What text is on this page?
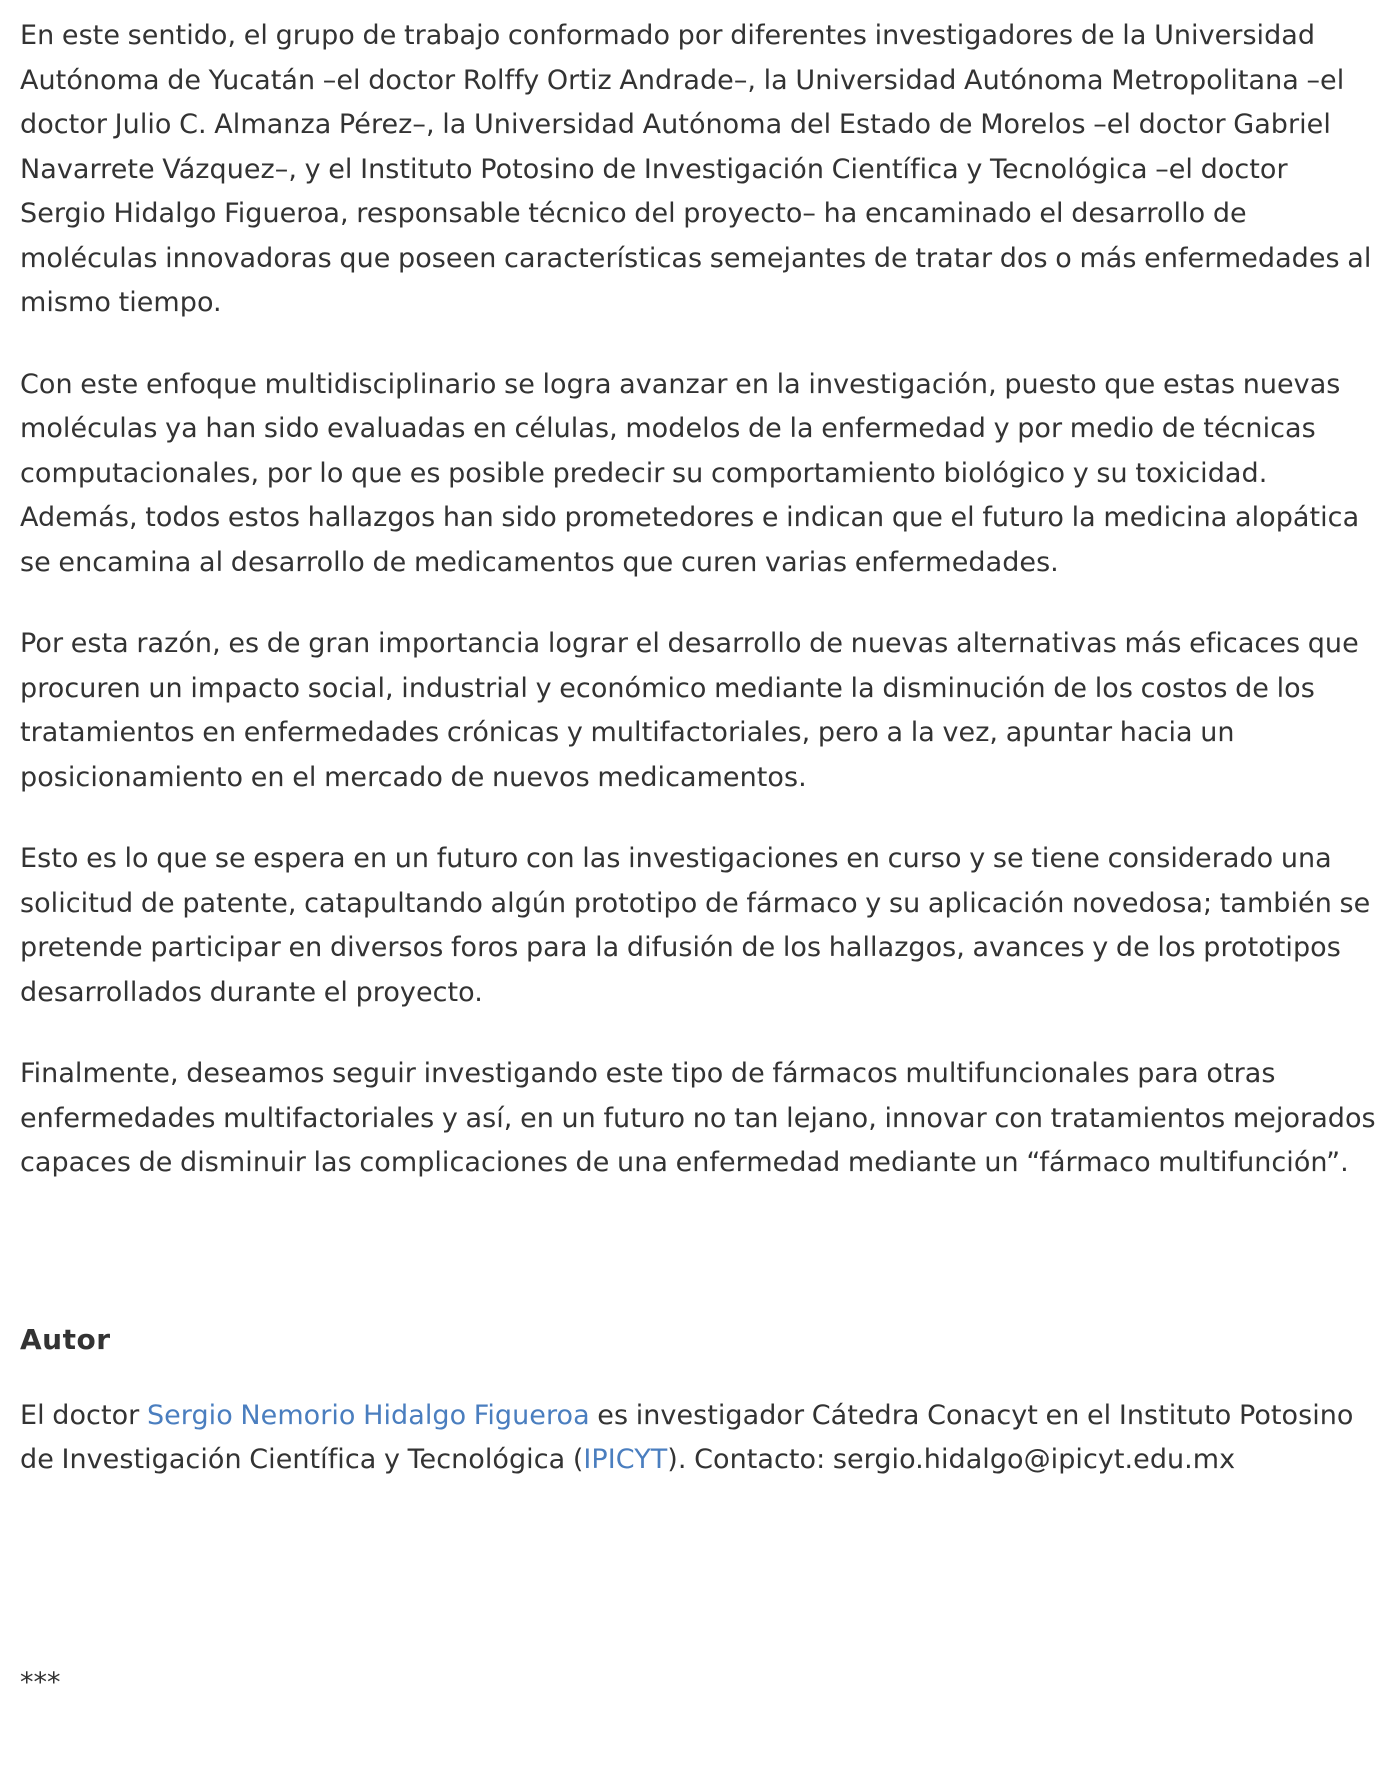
En este sentido, el grupo de trabajo conformado por diferentes investigadores de la Universidad Autónoma de Yucatán –el doctor Rolffy Ortiz Andrade–, la Universidad Autónoma Metropolitana –el doctor Julio C. Almanza Pérez–, la Universidad Autónoma del Estado de Morelos –el doctor Gabriel Navarrete Vázquez–, y el Instituto Potosino de Investigación Científica y Tecnológica –el doctor Sergio Hidalgo Figueroa, responsable técnico del proyecto– ha encaminado el desarrollo de moléculas innovadoras que poseen características semejantes de tratar dos o más enfermedades al mismo tiempo.

Con este enfoque multidisciplinario se logra avanzar en la investigación, puesto que estas nuevas moléculas ya han sido evaluadas en células, modelos de la enfermedad y por medio de técnicas computacionales, por lo que es posible predecir su comportamiento biológico y su toxicidad. Además, todos estos hallazgos han sido prometedores e indican que el futuro la medicina alopática se encamina al desarrollo de medicamentos que curen varias enfermedades.

Por esta razón, es de gran importancia lograr el desarrollo de nuevas alternativas más eficaces que procuren un impacto social, industrial y económico mediante la disminución de los costos de los tratamientos en enfermedades crónicas y multifactoriales, pero a la vez, apuntar hacia un posicionamiento en el mercado de nuevos medicamentos.

Esto es lo que se espera en un futuro con las investigaciones en curso y se tiene considerado una solicitud de patente, catapultando algún prototipo de fármaco y su aplicación novedosa; también se pretende participar en diversos foros para la difusión de los hallazgos, avances y de los prototipos desarrollados durante el proyecto.

Finalmente, deseamos seguir investigando este tipo de fármacos multifuncionales para otras enfermedades multifactoriales y así, en un futuro no tan lejano, innovar con tratamientos mejorados capaces de disminuir las complicaciones de una enfermedad mediante un “fármaco multifunción”.

Autor

El doctor Sergio Nemorio Hidalgo Figueroa es investigador Cátedra Conacyt en el Instituto Potosino de Investigación Científica y Tecnológica (IPICYT). Contacto: sergio.hidalgo@ipicyt.edu.mx

***
